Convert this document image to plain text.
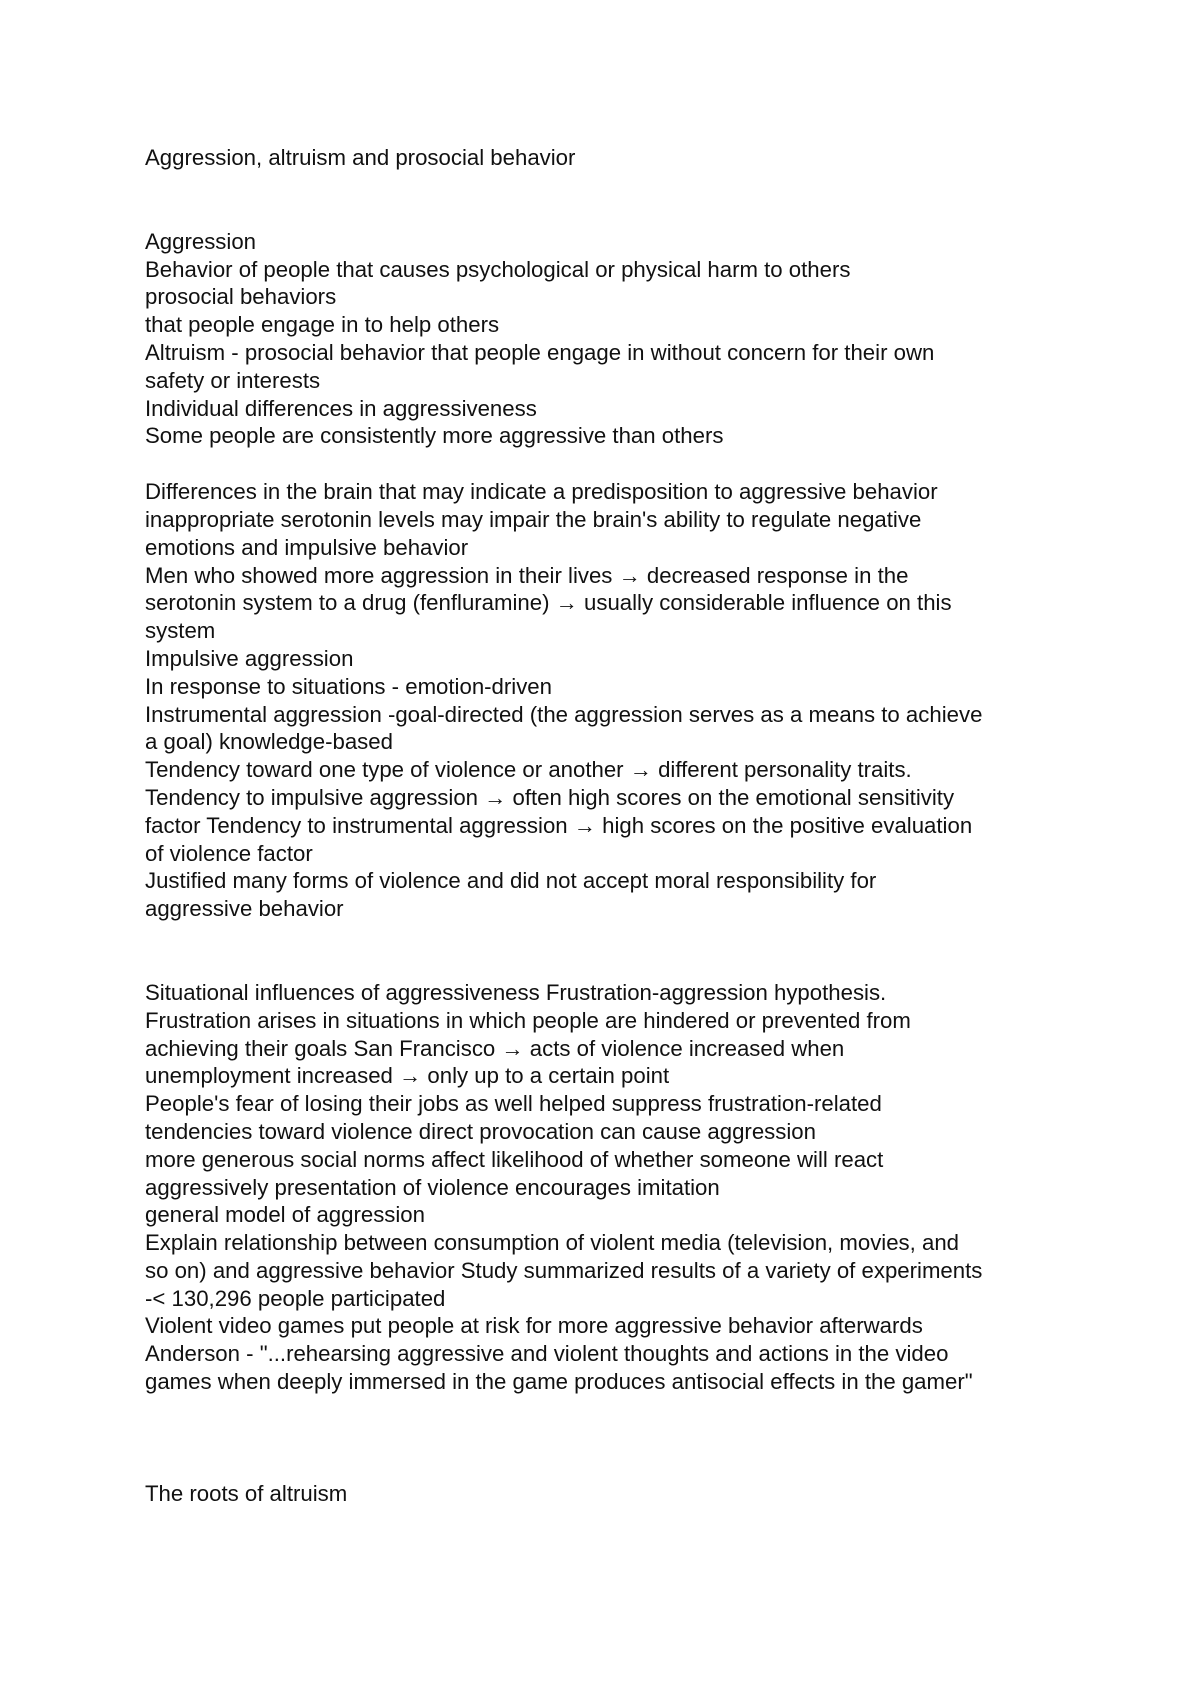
Aggression, altruism and prosocial behavior

Aggression

Behavior of people that causes psychological or physical harm to others

prosocial behaviors

that people engage in to help others

Altruism - prosocial behavior that people engage in without concern for their own

safety or interests

Individual differences in aggressiveness

Some people are consistently more aggressive than others

Differences in the brain that may indicate a predisposition to aggressive behavior

inappropriate serotonin levels may impair the brain's ability to regulate negative

emotions and impulsive behavior

Men who showed more aggression in their lives → decreased response in the

serotonin system to a drug (fenfluramine) → usually considerable influence on this

system

Impulsive aggression

In response to situations - emotion-driven

Instrumental aggression -goal-directed (the aggression serves as a means to achieve

a goal) knowledge-based

Tendency toward one type of violence or another → different personality traits.

Tendency to impulsive aggression → often high scores on the emotional sensitivity

factor Tendency to instrumental aggression → high scores on the positive evaluation

of violence factor

Justified many forms of violence and did not accept moral responsibility for

aggressive behavior

Situational influences of aggressiveness Frustration-aggression hypothesis.

Frustration arises in situations in which people are hindered or prevented from

achieving their goals San Francisco → acts of violence increased when

unemployment increased → only up to a certain point

People's fear of losing their jobs as well helped suppress frustration-related

tendencies toward violence direct provocation can cause aggression

more generous social norms affect likelihood of whether someone will react

aggressively presentation of violence encourages imitation

general model of aggression

Explain relationship between consumption of violent media (television, movies, and

so on) and aggressive behavior Study summarized results of a variety of experiments

-< 130,296 people participated

Violent video games put people at risk for more aggressive behavior afterwards

Anderson - "...rehearsing aggressive and violent thoughts and actions in the video

games when deeply immersed in the game produces antisocial effects in the gamer"

The roots of altruism
